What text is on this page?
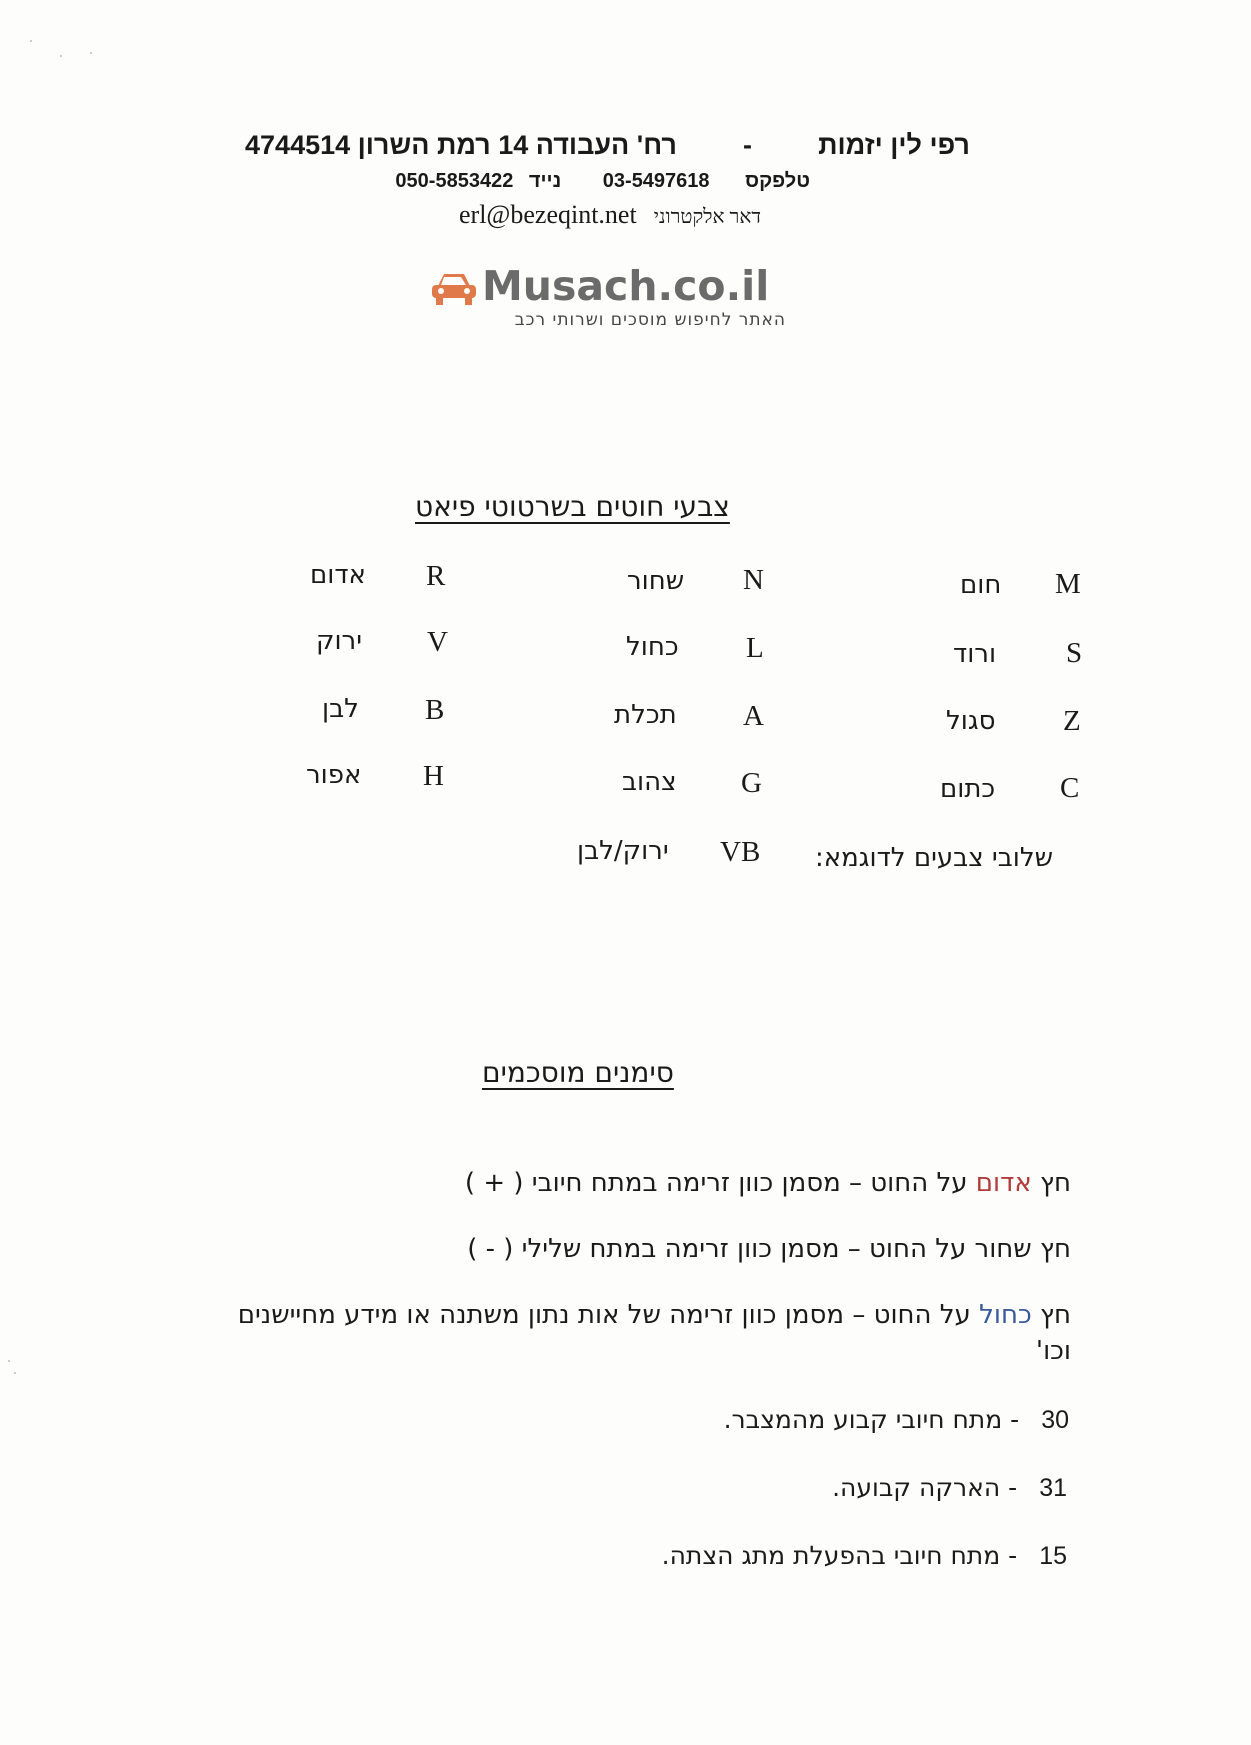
רפי לין יזמות
-
רח' העבודה 14 רמת השרון 4744514
טלפקס 03-5497618 נייד 050-5853422
דאר אלקטרוני erl@bezeqint.net
Musach.co.il
האתר לחיפוש מוסכים ושרותי רכב
צבעי חוטים בשרטוטי פיאט
M
חום
N
שחור
R
אדום
S
ורוד
L
כחול
V
ירוק
Z
סגול
A
תכלת
B
לבן
C
כתום
G
צהוב
H
אפור
שלובי צבעים לדוגמא:
VB
ירוק/לבן
סימנים מוסכמים
חץ אדום על החוט – מסמן כוון זרימה במתח חיובי ( + )
חץ שחור על החוט – מסמן כוון זרימה במתח שלילי ( - )
חץ כחול על החוט – מסמן כוון זרימה של אות נתון משתנה או מידע מחיישנים
וכו'
30- מתח חיובי קבוע מהמצבר.
31- הארקה קבועה.
15- מתח חיובי בהפעלת מתג הצתה.
